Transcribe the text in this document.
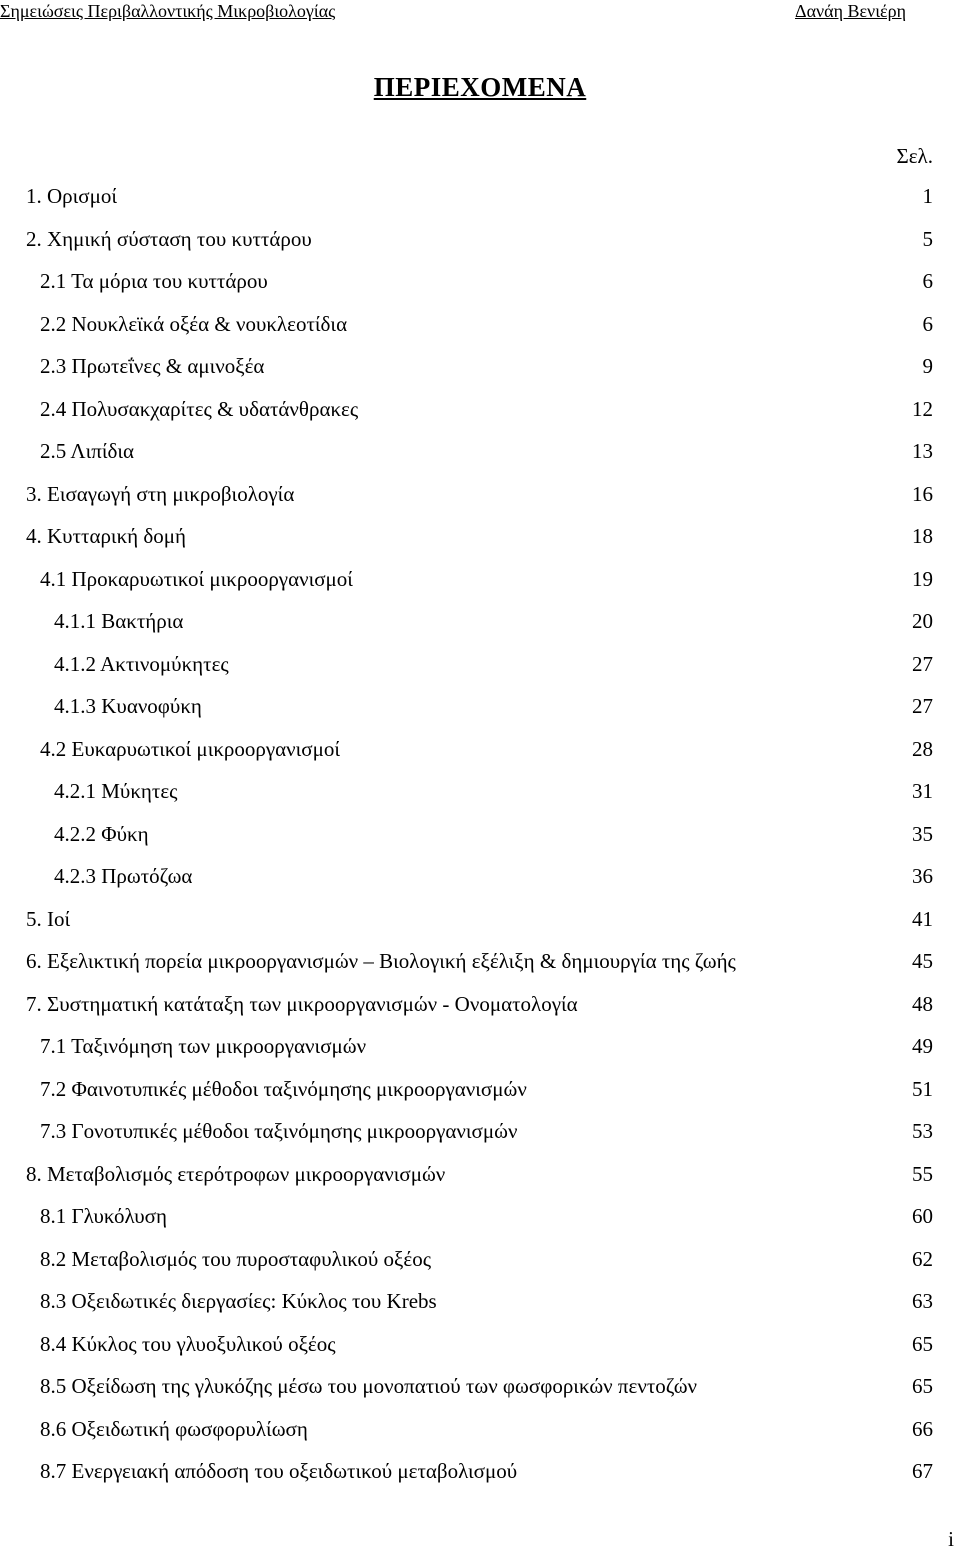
Σημειώσεις Περιβαλλοντικής Μικροβιολογίας	Δανάη Βενιέρη
ΠΕΡΙΕΧΟΜΕΝΑ
Σελ.
1. Ορισμοί	1
2. Χημική σύσταση του κυττάρου	5
2.1 Τα μόρια του κυττάρου	6
2.2 Νουκλεϊκά οξέα & νουκλεοτίδια	6
2.3 Πρωτεΐνες & αμινοξέα	9
2.4 Πολυσακχαρίτες & υδατάνθρακες	12
2.5 Λιπίδια	13
3. Εισαγωγή στη μικροβιολογία	16
4. Κυτταρική δομή	18
4.1 Προκαρυωτικοί μικροοργανισμοί	19
4.1.1 Βακτήρια	20
4.1.2 Ακτινομύκητες	27
4.1.3 Κυανοφύκη	27
4.2 Ευκαρυωτικοί μικροοργανισμοί	28
4.2.1 Μύκητες	31
4.2.2 Φύκη	35
4.2.3 Πρωτόζωα	36
5. Ιοί	41
6. Εξελικτική πορεία μικροοργανισμών – Βιολογική εξέλιξη & δημιουργία της ζωής	45
7. Συστηματική κατάταξη των μικροοργανισμών - Ονοματολογία	48
7.1 Ταξινόμηση των μικροοργανισμών	49
7.2 Φαινοτυπικές μέθοδοι ταξινόμησης μικροοργανισμών	51
7.3 Γονοτυπικές μέθοδοι ταξινόμησης μικροοργανισμών	53
8. Μεταβολισμός ετερότροφων μικροοργανισμών	55
8.1 Γλυκόλυση	60
8.2 Μεταβολισμός του πυροσταφυλικού οξέος	62
8.3 Οξειδωτικές διεργασίες: Κύκλος του Krebs	63
8.4 Κύκλος του γλυοξυλικού οξέος	65
8.5 Οξείδωση της γλυκόζης μέσω του μονοπατιού των φωσφορικών πεντοζών	65
8.6 Οξειδωτική φωσφορυλίωση	66
8.7 Ενεργειακή απόδοση του οξειδωτικού μεταβολισμού	67
i
